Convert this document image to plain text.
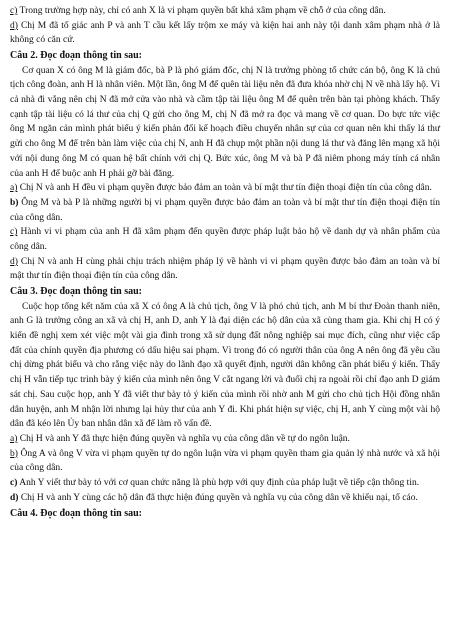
c) Trong trường hợp này, chỉ có anh X là vi phạm quyền bất khả xâm phạm về chỗ ở của công dân.

d) Chị M đã tố giác anh P và anh T cầu kết lấy trộm xe máy và kiện hai anh này tội danh xâm phạm nhà ở là không có căn cứ.

Câu 2. Đọc đoạn thông tin sau:

Cơ quan X có ông M là giám đốc, bà P là phó giám đốc, chị N là trưởng phòng tổ chức cán bộ, ông K là chủ tịch công đoàn, anh H là nhân viên. Một lần, ông M để quên tài liệu nên đã đưa khóa nhờ chị N về nhà lấy hộ. Vì cả nhà đi vắng nên chị N đã mở cửa vào nhà và cầm tập tài liệu ông M để quên trên bàn tại phòng khách. Thấy cạnh tập tài liệu có lá thư của chị Q gửi cho ông M, chị N đã mở ra đọc và mang về cơ quan. Do bực tức việc ông M ngăn cản mình phát biểu ý kiến phản đối kế hoạch điều chuyển nhân sự của cơ quan nên khi thấy lá thư gửi cho ông M để trên bàn làm việc của chị N, anh H đã chụp một phần nội dung lá thư và đăng lên mạng xã hội với nội dung ông M có quan hệ bất chính với chị Q. Bức xúc, ông M và bà P đã niêm phong máy tính cá nhân của anh H để buộc anh H phải gỡ bài đăng.

a) Chị N và anh H đều vi phạm quyền được bảo đảm an toàn và bí mật thư tín điện thoại điện tín của công dân.

b) Ông M và bà P là những người bị vi phạm quyền được bảo đảm an toàn và bí mật thư tín điện thoại điện tín của công dân.

c) Hành vi vi phạm của anh H đã xâm phạm đến quyền được pháp luật bảo hộ về danh dự và nhân phẩm của công dân.

d) Chị N và anh H cùng phải chịu trách nhiệm pháp lý về hành vi vi phạm quyền được bảo đảm an toàn và bí mật thư tín điện thoại điện tín của công dân.

Câu 3. Đọc đoạn thông tin sau:

Cuộc họp tổng kết năm của xã X có ông A là chủ tịch, ông V là phó chủ tịch, anh M bí thư Đoàn thanh niên, anh G là trưởng công an xã và chị H, anh D, anh Y là đại diện các hộ dân của xã cùng tham gia. Khi chị H có ý kiến đề nghị xem xét việc một vài gia đình trong xã sử dụng đất nông nghiệp sai mục đích, cũng như việc cấp đất của chính quyền địa phương có dấu hiệu sai phạm. Vì trong đó có người thân của ông A nên ông đã yêu cầu chị dừng phát biểu và cho rằng việc này do lãnh đạo xã quyết định, người dân không cần phát biểu ý kiến. Thấy chị H vẫn tiếp tục trình bày ý kiến của mình nên ông V cắt ngang lời và đuổi chị ra ngoài rồi chỉ đạo anh D giám sát chị. Sau cuộc họp, anh Y đã viết thư bày tỏ ý kiến của mình rồi nhờ anh M gửi cho chủ tịch Hội đồng nhân dân huyện, anh M nhận lời nhưng lại hủy thư của anh Y đi. Khi phát hiện sự việc, chị H, anh Y cùng một vài hộ dân đã kéo lên Ủy ban nhân dân xã để làm rõ vấn đề.

a) Chị H và anh Y đã thực hiện đúng quyền và nghĩa vụ của công dân về tự do ngôn luận.

b) Ông A và ông V vừa vi phạm quyền tự do ngôn luận vừa vi phạm quyền tham gia quản lý nhà nước và xã hội của công dân.

c) Anh Y viết thư bày tỏ với cơ quan chức năng là phù hợp với quy định của pháp luật về tiếp cận thông tin.

d) Chị H và anh Y cùng các hộ dân đã thực hiện đúng quyền và nghĩa vụ của công dân về khiếu nại, tố cáo.

Câu 4. Đọc đoạn thông tin sau:
